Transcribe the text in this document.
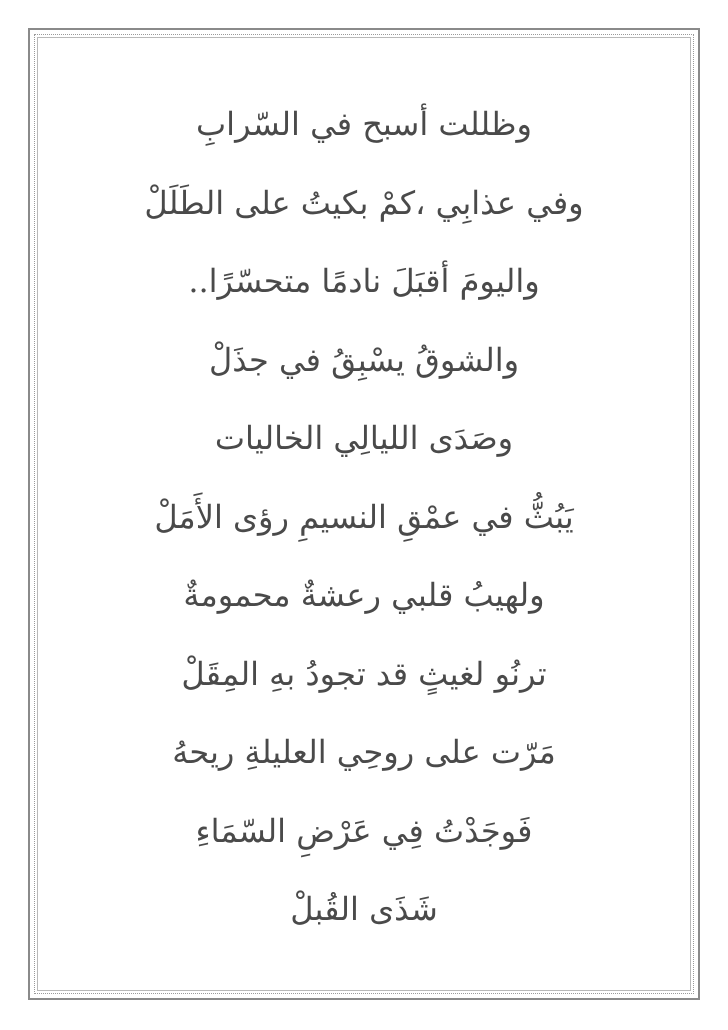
وظللت أسبح في السّرابِ
وفي عذابِي ،كمْ بكيتُ على الطَلَلْ
واليومَ أقبَلَ نادمًا متحسّرًا..
والشوقُ يسْبِقُ في جذَلْ
وصَدَى الليالِي الخاليات
يَبُثُّ في عمْقِ النسيمِ رؤى الأَمَلْ
ولهيبُ قلبي رعشةٌ محمومةٌ
ترنُو لغيثٍ قد تجودُ بهِ المِقَلْ
مَرّت على روحِي العليلةِ ريحهُ
فَوجَدْتُ فِي عَرْضِ السّمَاءِ
شَذَى القُبلْ
